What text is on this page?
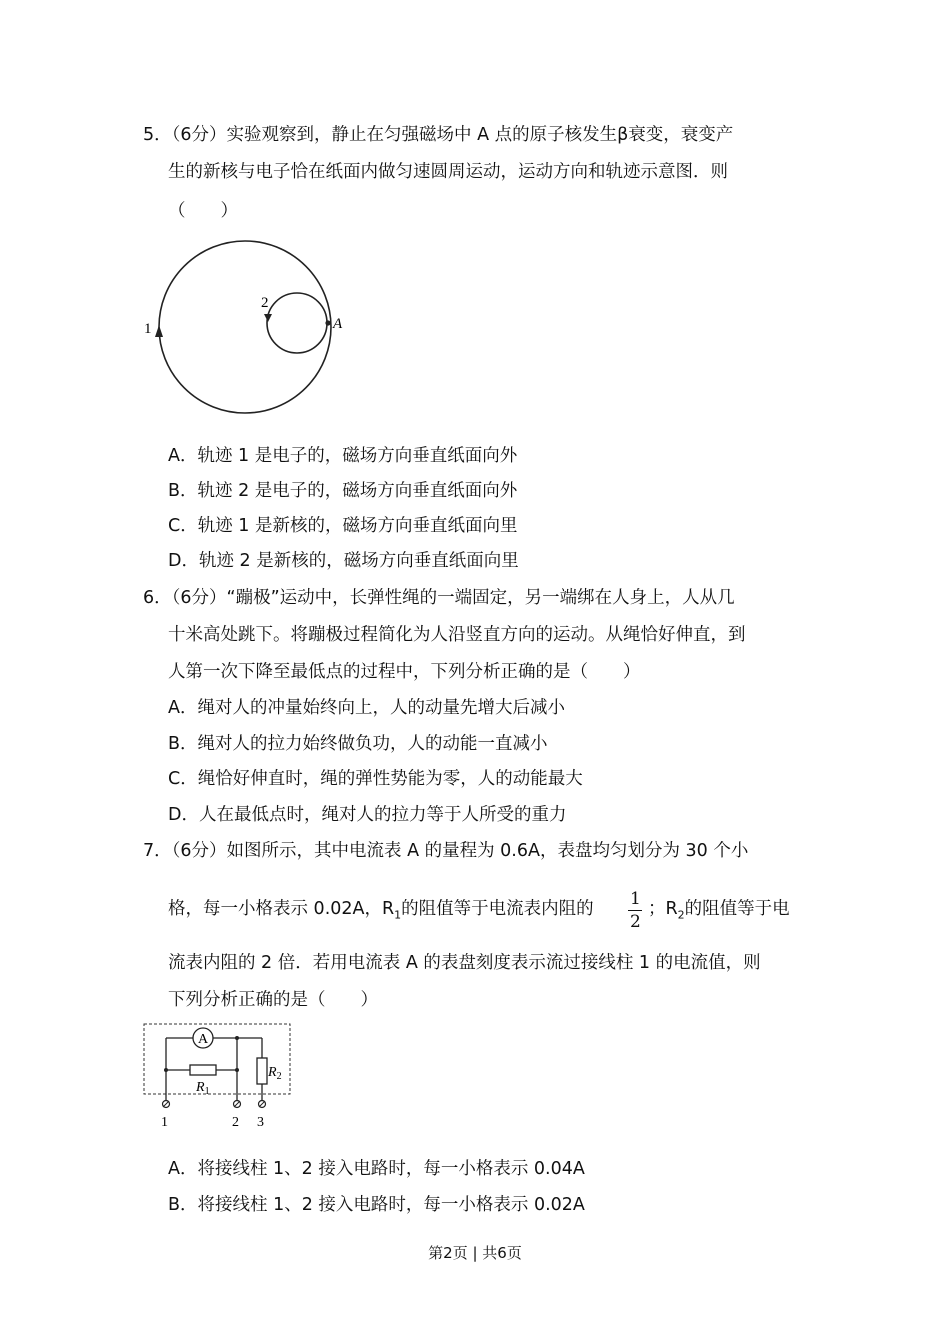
5．（6分）实验观察到，静止在匀强磁场中 A 点的原子核发生β衰变，衰变产
生的新核与电子恰在纸面内做匀速圆周运动，运动方向和轨迹示意图．则
（　　）
1
2
A
A．轨迹 1 是电子的，磁场方向垂直纸面向外
B．轨迹 2 是电子的，磁场方向垂直纸面向外
C．轨迹 1 是新核的，磁场方向垂直纸面向里
D．轨迹 2 是新核的，磁场方向垂直纸面向里
6．（6分）“蹦极”运动中，长弹性绳的一端固定，另一端绑在人身上，人从几
十米高处跳下。将蹦极过程简化为人沿竖直方向的运动。从绳恰好伸直，到
人第一次下降至最低点的过程中，下列分析正确的是（　　）
A．绳对人的冲量始终向上，人的动量先增大后减小
B．绳对人的拉力始终做负功，人的动能一直减小
C．绳恰好伸直时，绳的弹性势能为零，人的动能最大
D．人在最低点时，绳对人的拉力等于人所受的重力
7．（6分）如图所示，其中电流表 A 的量程为 0.6A，表盘均匀划分为 30 个小
格，每一小格表示 0.02A，$R_1$的阻值等于电流表内阻的 1
2
；$R_2$的阻值等于电
流表内阻的 2 倍．若用电流表 A 的表盘刻度表示流过接线柱 1 的电流值，则
下列分析正确的是（　　）
A
$R_1$
$R_2$
1	2 3
A．将接线柱 1、2 接入电路时，每一小格表示 0.04A
B．将接线柱 1、2 接入电路时，每一小格表示 0.02A
第2页 | 共6页
